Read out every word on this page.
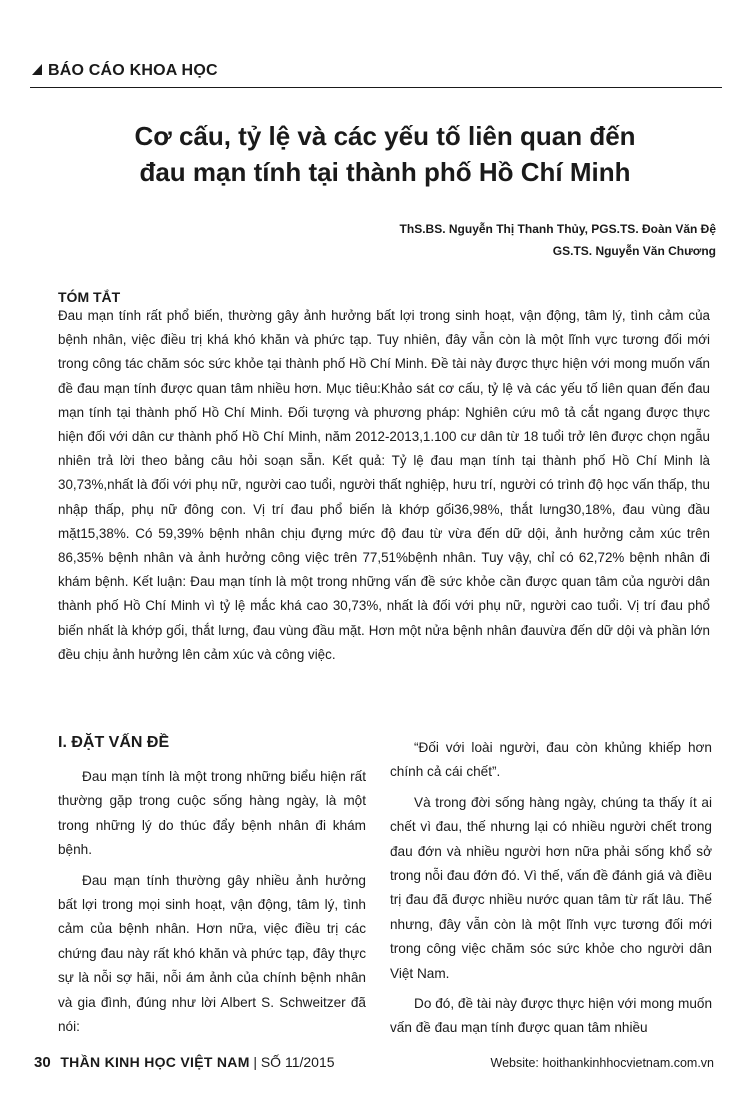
BÁO CÁO KHOA HỌC
Cơ cấu, tỷ lệ và các yếu tố liên quan đến
đau mạn tính tại thành phố Hồ Chí Minh
ThS.BS. Nguyễn Thị Thanh Thủy, PGS.TS. Đoàn Văn Đệ
GS.TS. Nguyễn Văn Chương
TÓM TẮT
Đau mạn tính rất phổ biến, thường gây ảnh hưởng bất lợi trong sinh hoạt, vận động, tâm lý, tình cảm của bệnh nhân, việc điều trị khá khó khăn và phức tạp. Tuy nhiên, đây vẫn còn là một lĩnh vực tương đối mới trong công tác chăm sóc sức khỏe tại thành phố Hồ Chí Minh. Đề tài này được thực hiện với mong muốn vấn đề đau mạn tính được quan tâm nhiều hơn. Mục tiêu:Khảo sát cơ cấu, tỷ lệ và các yếu tố liên quan đến đau mạn tính tại thành phố Hồ Chí Minh. Đối tượng và phương pháp: Nghiên cứu mô tả cắt ngang được thực hiện đối với dân cư thành phố Hồ Chí Minh, năm 2012-2013,1.100 cư dân từ 18 tuổi trở lên được chọn ngẫu nhiên trả lời theo bảng câu hỏi soạn sẵn. Kết quả: Tỷ lệ đau mạn tính tại thành phố Hồ Chí Minh là 30,73%,nhất là đối với phụ nữ, người cao tuổi, người thất nghiệp, hưu trí, người có trình độ học vấn thấp, thu nhập thấp, phụ nữ đông con. Vị trí đau phổ biến là khớp gối36,98%, thắt lưng30,18%, đau vùng đầu mặt15,38%. Có 59,39% bệnh nhân chịu đựng mức độ đau từ vừa đến dữ dội, ảnh hưởng cảm xúc trên 86,35% bệnh nhân và ảnh hưởng công việc trên 77,51%bệnh nhân. Tuy vậy, chỉ có 62,72% bệnh nhân đi khám bệnh. Kết luận: Đau mạn tính là một trong những vấn đề sức khỏe cần được quan tâm của người dân thành phố Hồ Chí Minh vì tỷ lệ mắc khá cao 30,73%, nhất là đối với phụ nữ, người cao tuổi. Vị trí đau phổ biến nhất là khớp gối, thắt lưng, đau vùng đầu mặt. Hơn một nửa bệnh nhân đauvừa đến dữ dội và phần lớn đều chịu ảnh hưởng lên cảm xúc và công việc.
I. ĐẶT VẤN ĐỀ

Đau mạn tính là một trong những biểu hiện rất thường gặp trong cuộc sống hàng ngày, là một trong những lý do thúc đẩy bệnh nhân đi khám bệnh.

Đau mạn tính thường gây nhiều ảnh hưởng bất lợi trong mọi sinh hoạt, vận động, tâm lý, tình cảm của bệnh nhân. Hơn nữa, việc điều trị các chứng đau này rất khó khăn và phức tạp, đây thực sự là nỗi sợ hãi, nỗi ám ảnh của chính bệnh nhân và gia đình, đúng như lời Albert S. Schweitzer đã nói:

“Đối với loài người, đau còn khủng khiếp hơn chính cả cái chết”.

Và trong đời sống hàng ngày, chúng ta thấy ít ai chết vì đau, thế nhưng lại có nhiều người chết trong đau đớn và nhiều người hơn nữa phải sống khổ sở trong nỗi đau đớn đó. Vì thế, vấn đề đánh giá và điều trị đau đã được nhiều nước quan tâm từ rất lâu. Thế nhưng, đây vẫn còn là một lĩnh vực tương đối mới trong công việc chăm sóc sức khỏe cho người dân Việt Nam.

Do đó, đề tài này được thực hiện với mong muốn vấn đề đau mạn tính được quan tâm nhiều

30 THẦN KINH HỌC VIỆT NAM | SỐ 11/2015	Website: hoithankinhhocvietnam.com.vn
